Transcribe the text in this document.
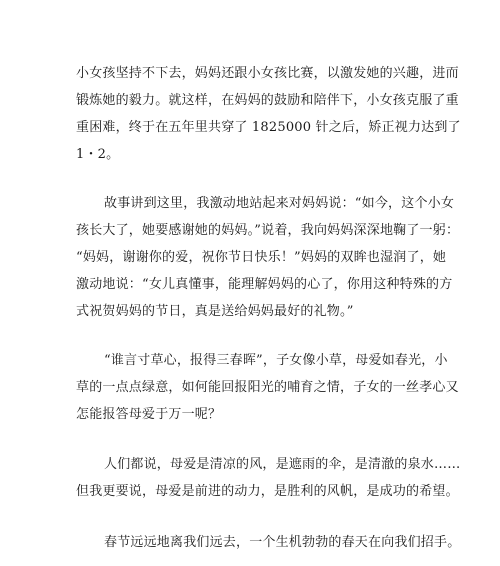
小女孩坚持不下去，妈妈还跟小女孩比赛，以激发她的兴趣，进而
锻炼她的毅力。就这样，在妈妈的鼓励和陪伴下，小女孩克服了重
重困难，终于在五年里共穿了 1825000 针之后，矫正视力达到了
1・2。
故事讲到这里，我激动地站起来对妈妈说：“如今，这个小女
孩长大了，她要感谢她的妈妈。”说着，我向妈妈深深地鞠了一躬：
“妈妈，谢谢你的爱，祝你节日快乐！”妈妈的双眸也湿润了，她
激动地说：“女儿真懂事，能理解妈妈的心了，你用这种特殊的方
式祝贺妈妈的节日，真是送给妈妈最好的礼物。”
“谁言寸草心，报得三春晖”，子女像小草，母爱如春光，小
草的一点点绿意，如何能回报阳光的哺育之情，子女的一丝孝心又
怎能报答母爱于万一呢？
人们都说，母爱是清凉的风，是遮雨的伞，是清澈的泉水……
但我更要说，母爱是前进的动力，是胜利的风帆，是成功的希望。
春节远远地离我们远去，一个生机勃勃的春天在向我们招手。
